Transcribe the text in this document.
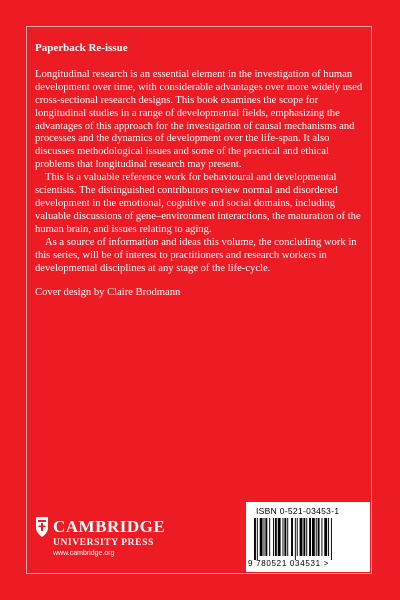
Paperback Re-issue

Longitudinal research is an essential element in the investigation of human development over time, with considerable advantages over more widely used cross-sectional research designs. This book examines the scope for longitudinal studies in a range of developmental fields, emphasizing the advantages of this approach for the investigation of causal mechanisms and processes and the dynamics of development over the life-span. It also discusses methodological issues and some of the practical and ethical problems that longitudinal research may present.

This is a valuable reference work for behavioural and developmental scientists. The distinguished contributors review normal and disordered development in the emotional, cognitive and social domains, including valuable discussions of gene–environment interactions, the maturation of the human brain, and issues relating to aging.

As a source of information and ideas this volume, the concluding work in this series, will be of interest to practitioners and research workers in developmental disciplines at any stage of the life-cycle.

Cover design by Claire Brodmann

CAMBRIDGE
UNIVERSITY PRESS
www.cambridge.org
ISBN 0-521-03453-1
9 780521 034531 >
